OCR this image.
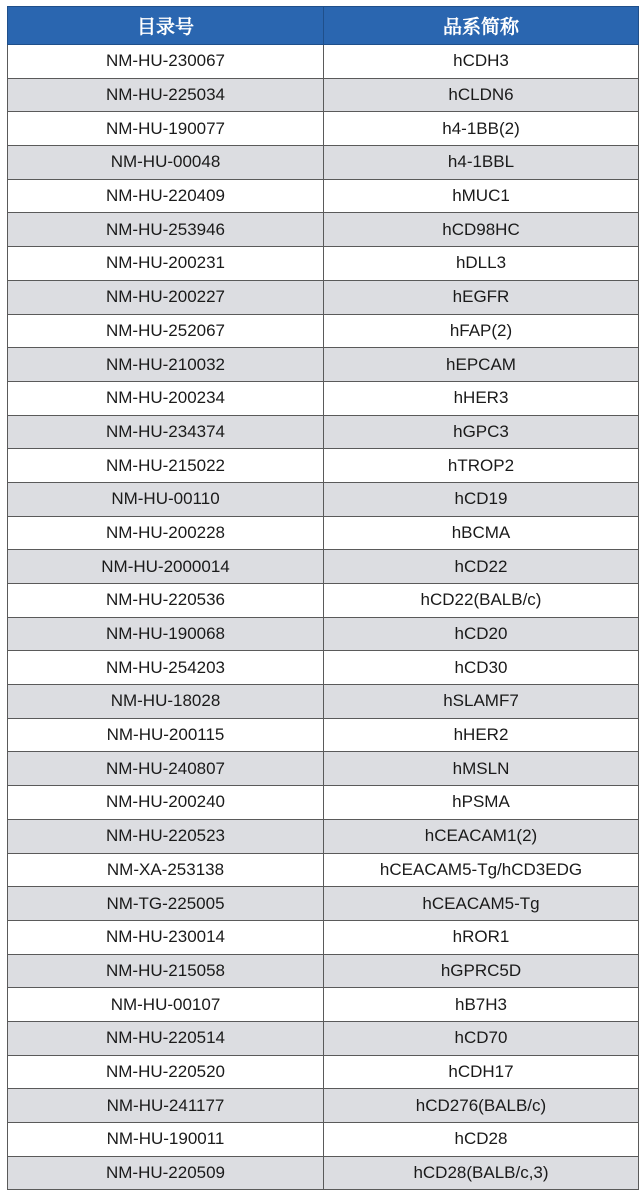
目录号	品系简称
NM-HU-230067	hCDH3
NM-HU-225034	hCLDN6
NM-HU-190077	h4-1BB(2)
NM-HU-00048	h4-1BBL
NM-HU-220409	hMUC1
NM-HU-253946	hCD98HC
NM-HU-200231	hDLL3
NM-HU-200227	hEGFR
NM-HU-252067	hFAP(2)
NM-HU-210032	hEPCAM
NM-HU-200234	hHER3
NM-HU-234374	hGPC3
NM-HU-215022	hTROP2
NM-HU-00110	hCD19
NM-HU-200228	hBCMA
NM-HU-2000014	hCD22
NM-HU-220536	hCD22(BALB/c)
NM-HU-190068	hCD20
NM-HU-254203	hCD30
NM-HU-18028	hSLAMF7
NM-HU-200115	hHER2
NM-HU-240807	hMSLN
NM-HU-200240	hPSMA
NM-HU-220523	hCEACAM1(2)
NM-XA-253138	hCEACAM5-Tg/hCD3EDG
NM-TG-225005	hCEACAM5-Tg
NM-HU-230014	hROR1
NM-HU-215058	hGPRC5D
NM-HU-00107	hB7H3
NM-HU-220514	hCD70
NM-HU-220520	hCDH17
NM-HU-241177	hCD276(BALB/c)
NM-HU-190011	hCD28
NM-HU-220509	hCD28(BALB/c,3)
